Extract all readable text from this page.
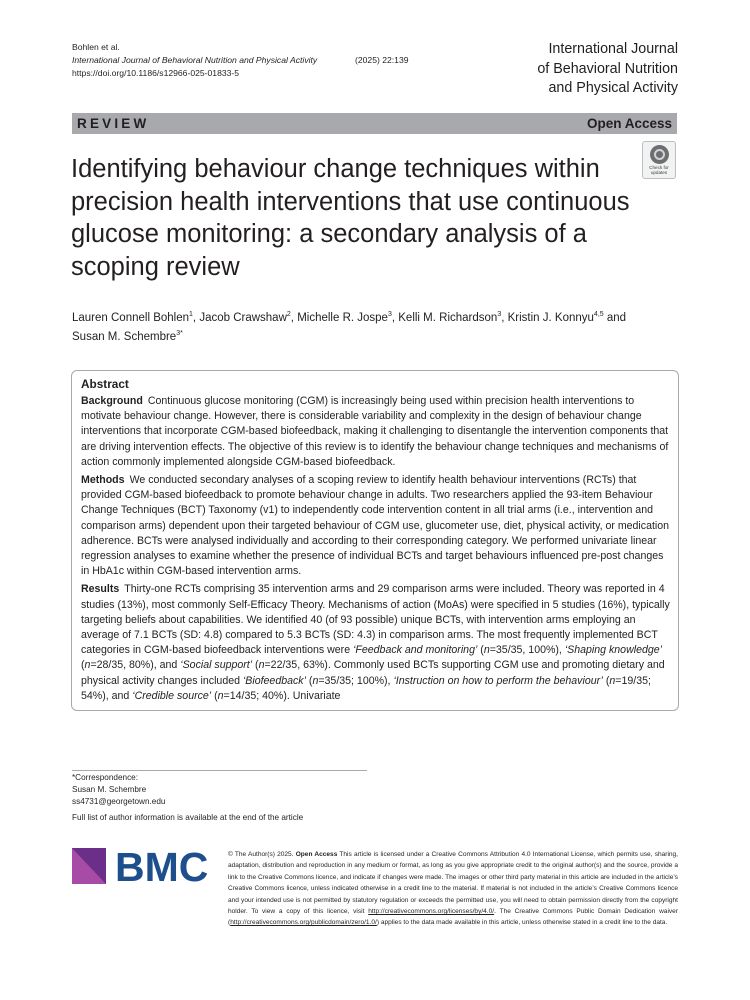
Bohlen et al.
International Journal of Behavioral Nutrition and Physical Activity	(2025) 22:139
https://doi.org/10.1186/s12966-025-01833-5
International Journal
of Behavioral Nutrition
and Physical Activity
REVIEW	Open Access
Identifying behaviour change techniques within precision health interventions that use continuous glucose monitoring: a secondary analysis of a scoping review
Check for
updates
Lauren Connell Bohlen$^1$, Jacob Crawshaw$^2$, Michelle R. Jospe$^3$, Kelli M. Richardson$^3$, Kristin J. Konnyu$^{4,5}$ and
Susan M. Schembre$^{3*}$
Abstract

Background Continuous glucose monitoring (CGM) is increasingly being used within precision health interventions to motivate behaviour change. However, there is considerable variability and complexity in the design of behaviour change interventions that incorporate CGM-based biofeedback, making it challenging to disentangle the intervention components that are driving intervention effects. The objective of this review is to identify the behaviour change techniques and mechanisms of action commonly implemented alongside CGM-based biofeedback.

Methods We conducted secondary analyses of a scoping review to identify health behaviour interventions (RCTs) that provided CGM-based biofeedback to promote behaviour change in adults. Two researchers applied the 93-item Behaviour Change Techniques (BCT) Taxonomy (v1) to independently code intervention content in all trial arms (i.e., intervention and comparison arms) dependent upon their targeted behaviour of CGM use, glucometer use, diet, physical activity, or medication adherence. BCTs were analysed individually and according to their corresponding category. We performed univariate linear regression analyses to examine whether the presence of individual BCTs and target behaviours influenced pre-post changes in HbA1c within CGM-based intervention arms.

Results Thirty-one RCTs comprising 35 intervention arms and 29 comparison arms were included. Theory was reported in 4 studies (13%), most commonly Self-Efficacy Theory. Mechanisms of action (MoAs) were specified in 5 studies (16%), typically targeting beliefs about capabilities. We identified 40 (of 93 possible) unique BCTs, with intervention arms employing an average of 7.1 BCTs (SD: 4.8) compared to 5.3 BCTs (SD: 4.3) in comparison arms. The most frequently implemented BCT categories in CGM-based biofeedback interventions were ‘Feedback and monitoring’ (n=35/35, 100%), ‘Shaping knowledge’ (n=28/35, 80%), and ‘Social support’ (n=22/35, 63%). Commonly used BCTs supporting CGM use and promoting dietary and physical activity changes included ‘Biofeedback’ (n=35/35; 100%), ‘Instruction on how to perform the behaviour’ (n=19/35; 54%), and ‘Credible source’ (n=14/35; 40%). Univariate

*Correspondence:
Susan M. Schembre
ss4731@georgetown.edu
Full list of author information is available at the end of the article
BMC	© The Author(s) 2025. Open Access This article is licensed under a Creative Commons Attribution 4.0 International License, which permits use, sharing, adaptation, distribution and reproduction in any medium or format, as long as you give appropriate credit to the original author(s) and the source, provide a link to the Creative Commons licence, and indicate if changes were made. The images or other third party material in this article are included in the article’s Creative Commons licence, unless indicated otherwise in a credit line to the material. If material is not included in the article’s Creative Commons licence and your intended use is not permitted by statutory regulation or exceeds the permitted use, you will need to obtain permission directly from the copyright holder. To view a copy of this licence, visit http://creativecommons.org/licenses/by/4.0/. The Creative Commons Public Domain Dedication waiver (http://creativecommons.org/publicdomain/zero/1.0/) applies to the data made available in this article, unless otherwise stated in a credit line to the data.
